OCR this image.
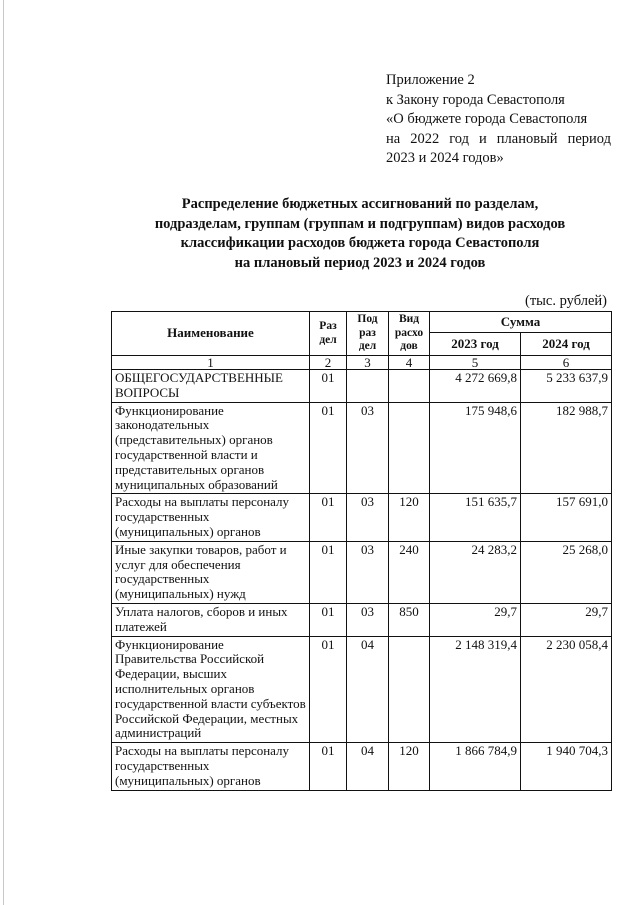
Приложение 2
к Закону города Севастополя
«О бюджете города Севастополя
на 2022 год и плановый период
2023 и 2024 годов»
Распределение бюджетных ассигнований по разделам,
подразделам, группам (группам и подгруппам) видов расходов
классификации расходов бюджета города Севастополя
на плановый период 2023 и 2024 годов
(тыс. рублей)
Наименование	Раз дел	Под раз дел	Вид расхо дов	Сумма	
				2023 год	2024 год
1	2	3	4	5	6
ОБЩЕГОСУДАРСТВЕННЫЕ ВОПРОСЫ	01			4 272 669,8	5 233 637,9
Функционирование законодательных (представительных) органов государственной власти и представительных органов муниципальных образований	01	03		175 948,6	182 988,7
Расходы на выплаты персоналу государственных (муниципальных) органов	01	03	120	151 635,7	157 691,0
Иные закупки товаров, работ и услуг для обеспечения государственных (муниципальных) нужд	01	03	240	24 283,2	25 268,0
Уплата налогов, сборов и иных платежей	01	03	850	29,7	29,7
Функционирование Правительства Российской Федерации, высших исполнительных органов государственной власти субъектов Российской Федерации, местных администраций	01	04		2 148 319,4	2 230 058,4
Расходы на выплаты персоналу государственных (муниципальных) органов	01	04	120	1 866 784,9	1 940 704,3
